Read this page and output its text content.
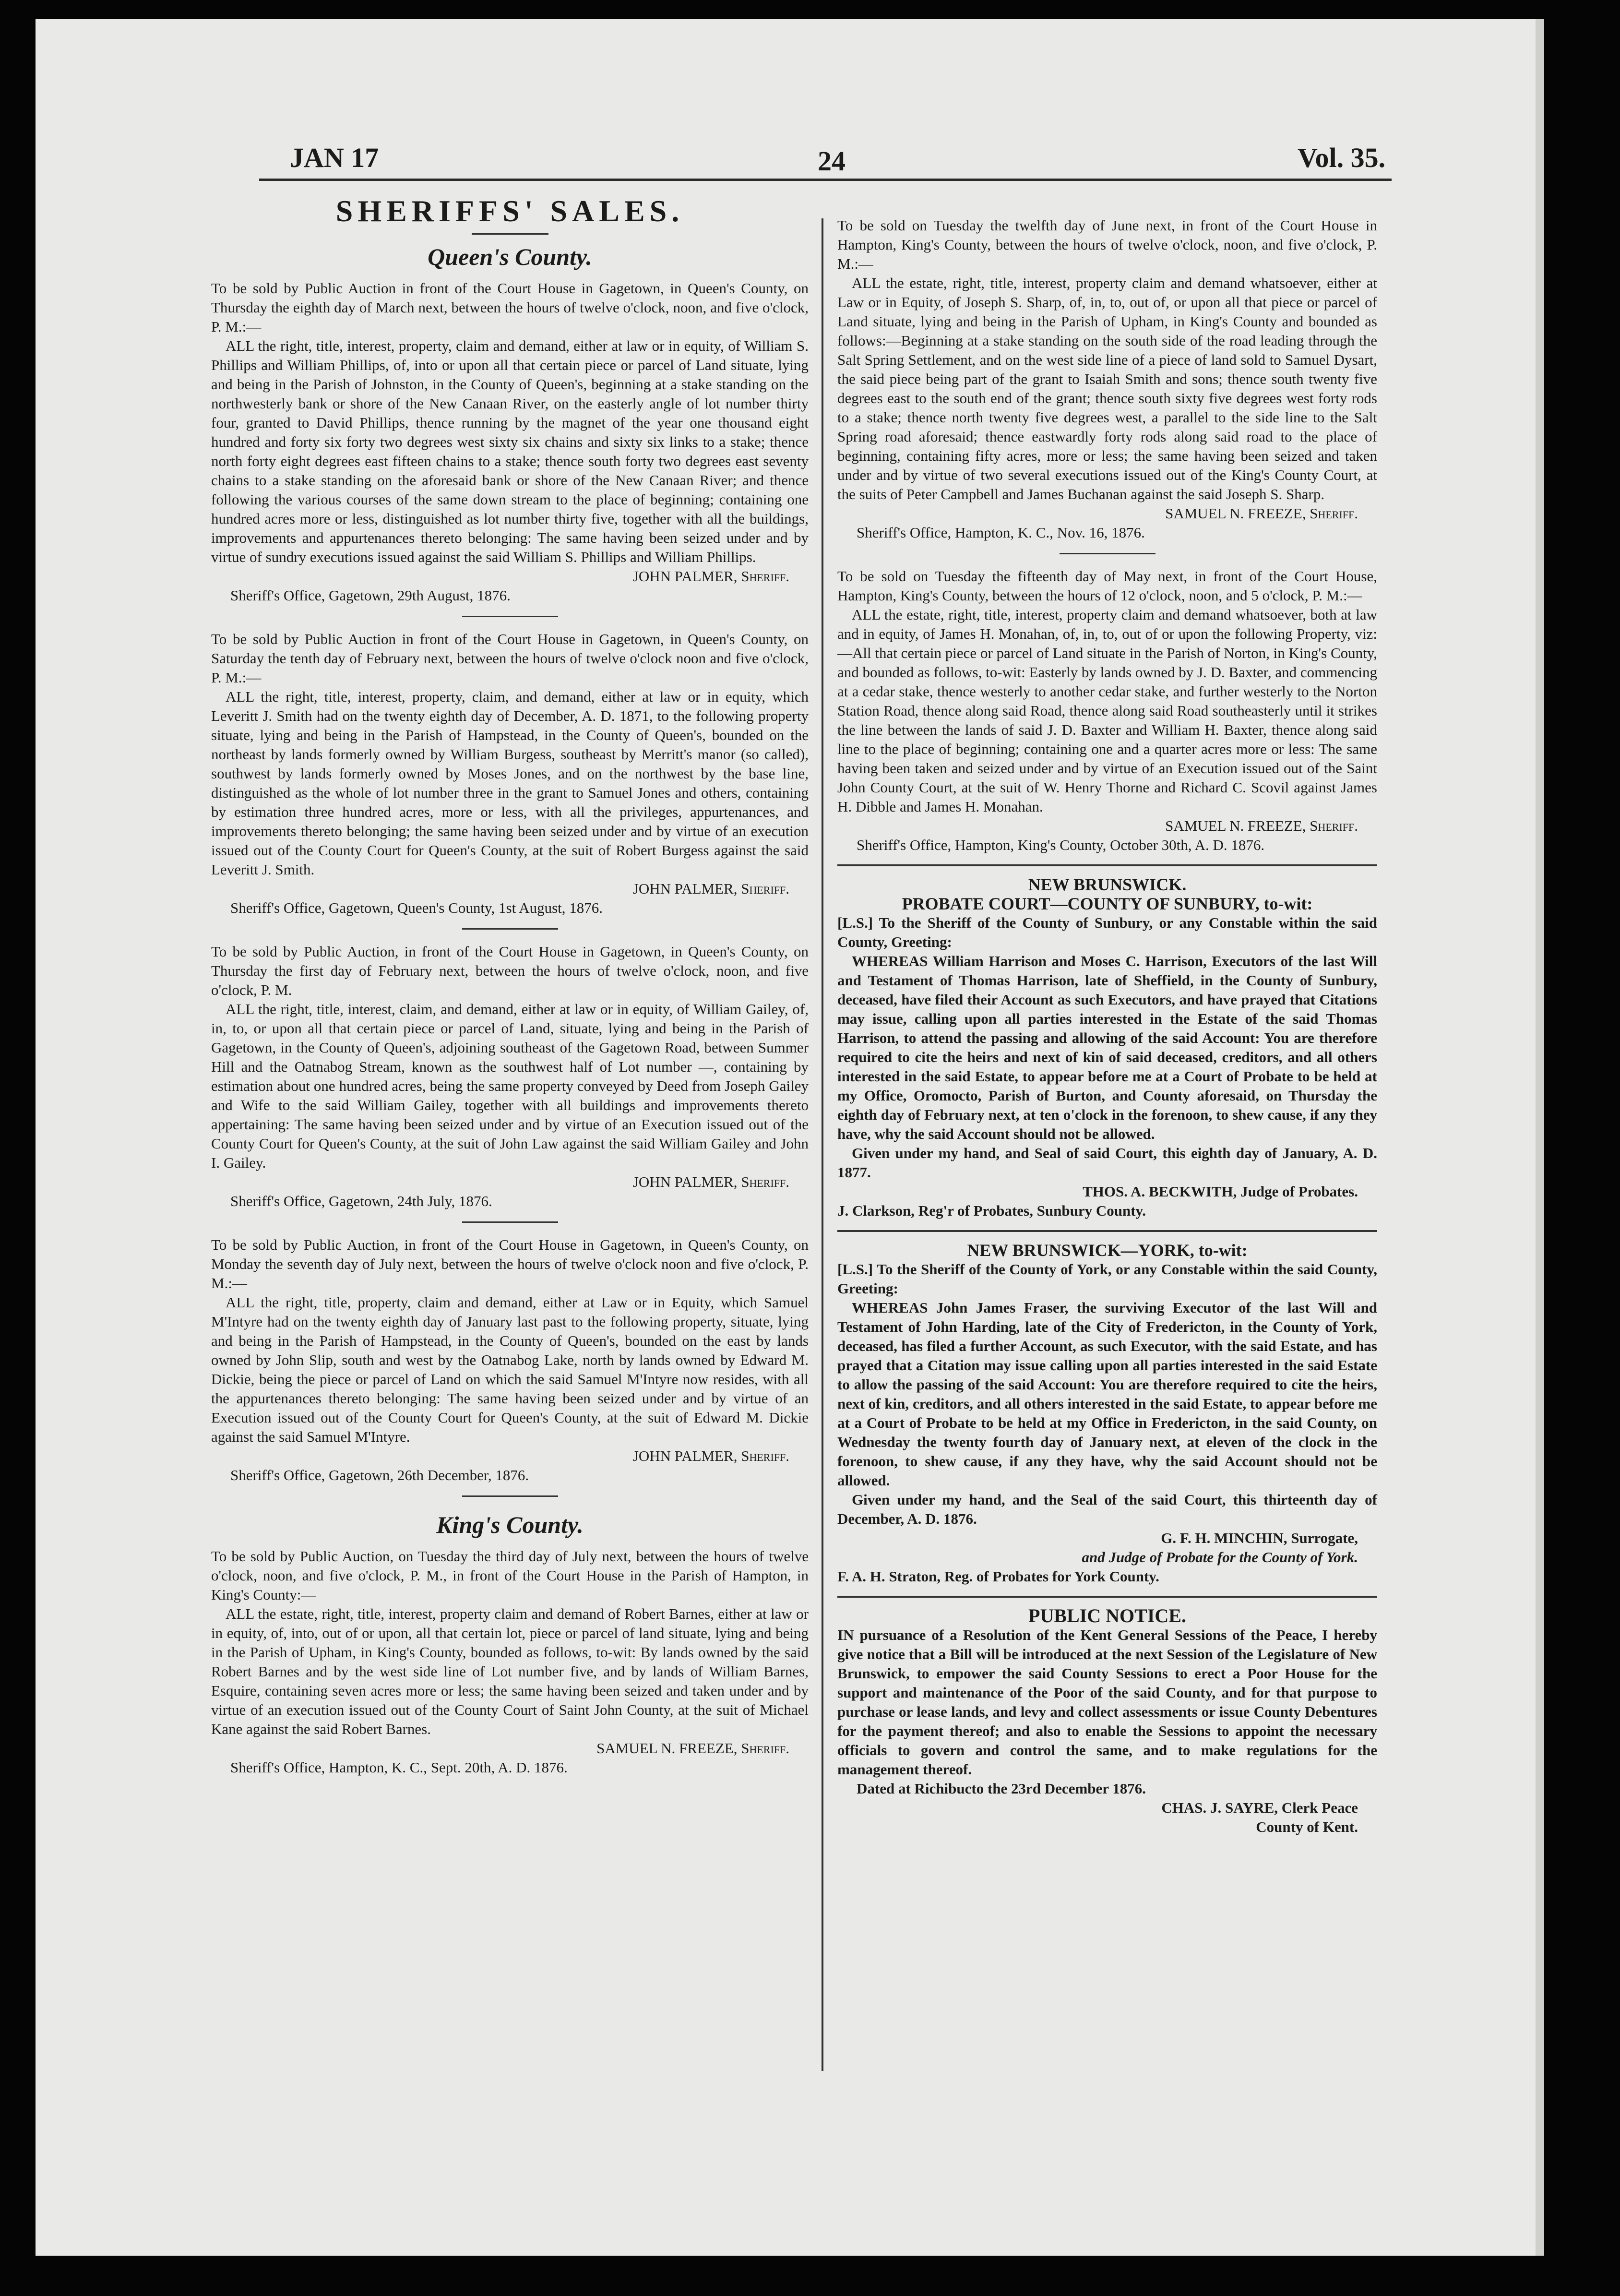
JAN 17	24	Vol. 35.
SHERIFFS' SALES.
Queen's County.

To be sold by Public Auction in front of the Court House in Gagetown, in Queen's County, on Thursday the eighth day of March next, between the hours of twelve o'clock, noon, and five o'clock, P. M.:—

ALL the right, title, interest, property, claim and demand, either at law or in equity, of William S. Phillips and William Phillips, of, into or upon all that certain piece or parcel of Land situate, lying and being in the Parish of Johnston, in the County of Queen's, beginning at a stake standing on the northwesterly bank or shore of the New Canaan River, on the easterly angle of lot number thirty four, granted to David Phillips, thence running by the magnet of the year one thousand eight hundred and forty six forty two degrees west sixty six chains and sixty six links to a stake; thence north forty eight degrees east fifteen chains to a stake; thence south forty two degrees east seventy chains to a stake standing on the aforesaid bank or shore of the New Canaan River; and thence following the various courses of the same down stream to the place of beginning; containing one hundred acres more or less, distinguished as lot number thirty five, together with all the buildings, improvements and appurtenances thereto belonging: The same having been seized under and by virtue of sundry executions issued against the said William S. Phillips and William Phillips.

JOHN PALMER, Sheriff.

Sheriff's Office, Gagetown, 29th August, 1876.

To be sold by Public Auction in front of the Court House in Gagetown, in Queen's County, on Saturday the tenth day of February next, between the hours of twelve o'clock noon and five o'clock, P. M.:—

ALL the right, title, interest, property, claim, and demand, either at law or in equity, which Leveritt J. Smith had on the twenty eighth day of December, A. D. 1871, to the following property situate, lying and being in the Parish of Hampstead, in the County of Queen's, bounded on the northeast by lands formerly owned by William Burgess, southeast by Merritt's manor (so called), southwest by lands formerly owned by Moses Jones, and on the northwest by the base line, distinguished as the whole of lot number three in the grant to Samuel Jones and others, containing by estimation three hundred acres, more or less, with all the privileges, appurtenances, and improvements thereto belonging; the same having been seized under and by virtue of an execution issued out of the County Court for Queen's County, at the suit of Robert Burgess against the said Leveritt J. Smith.

JOHN PALMER, Sheriff.

Sheriff's Office, Gagetown, Queen's County, 1st August, 1876.

To be sold by Public Auction, in front of the Court House in Gagetown, in Queen's County, on Thursday the first day of February next, between the hours of twelve o'clock, noon, and five o'clock, P. M.

ALL the right, title, interest, claim, and demand, either at law or in equity, of William Gailey, of, in, to, or upon all that certain piece or parcel of Land, situate, lying and being in the Parish of Gagetown, in the County of Queen's, adjoining southeast of the Gagetown Road, between Summer Hill and the Oatnabog Stream, known as the southwest half of Lot number —, containing by estimation about one hundred acres, being the same property conveyed by Deed from Joseph Gailey and Wife to the said William Gailey, together with all buildings and improvements thereto appertaining: The same having been seized under and by virtue of an Execution issued out of the County Court for Queen's County, at the suit of John Law against the said William Gailey and John I. Gailey.

JOHN PALMER, Sheriff.

Sheriff's Office, Gagetown, 24th July, 1876.

To be sold by Public Auction, in front of the Court House in Gagetown, in Queen's County, on Monday the seventh day of July next, between the hours of twelve o'clock noon and five o'clock, P. M.:—

ALL the right, title, property, claim and demand, either at Law or in Equity, which Samuel M'Intyre had on the twenty eighth day of January last past to the following property, situate, lying and being in the Parish of Hampstead, in the County of Queen's, bounded on the east by lands owned by John Slip, south and west by the Oatnabog Lake, north by lands owned by Edward M. Dickie, being the piece or parcel of Land on which the said Samuel M'Intyre now resides, with all the appurtenances thereto belonging: The same having been seized under and by virtue of an Execution issued out of the County Court for Queen's County, at the suit of Edward M. Dickie against the said Samuel M'Intyre.

JOHN PALMER, Sheriff.

Sheriff's Office, Gagetown, 26th December, 1876.

King's County.

To be sold by Public Auction, on Tuesday the third day of July next, between the hours of twelve o'clock, noon, and five o'clock, P. M., in front of the Court House in the Parish of Hampton, in King's County:—

ALL the estate, right, title, interest, property claim and demand of Robert Barnes, either at law or in equity, of, into, out of or upon, all that certain lot, piece or parcel of land situate, lying and being in the Parish of Upham, in King's County, bounded as follows, to-wit: By lands owned by the said Robert Barnes and by the west side line of Lot number five, and by lands of William Barnes, Esquire, containing seven acres more or less; the same having been seized and taken under and by virtue of an execution issued out of the County Court of Saint John County, at the suit of Michael Kane against the said Robert Barnes.

SAMUEL N. FREEZE, Sheriff.

Sheriff's Office, Hampton, K. C., Sept. 20th, A. D. 1876.

To be sold on Tuesday the twelfth day of June next, in front of the Court House in Hampton, King's County, between the hours of twelve o'clock, noon, and five o'clock, P. M.:—

ALL the estate, right, title, interest, property claim and demand whatsoever, either at Law or in Equity, of Joseph S. Sharp, of, in, to, out of, or upon all that piece or parcel of Land situate, lying and being in the Parish of Upham, in King's County and bounded as follows:—Beginning at a stake standing on the south side of the road leading through the Salt Spring Settlement, and on the west side line of a piece of land sold to Samuel Dysart, the said piece being part of the grant to Isaiah Smith and sons; thence south twenty five degrees east to the south end of the grant; thence south sixty five degrees west forty rods to a stake; thence north twenty five degrees west, a parallel to the side line to the Salt Spring road aforesaid; thence eastwardly forty rods along said road to the place of beginning, containing fifty acres, more or less; the same having been seized and taken under and by virtue of two several executions issued out of the King's County Court, at the suits of Peter Campbell and James Buchanan against the said Joseph S. Sharp.

SAMUEL N. FREEZE, Sheriff.

Sheriff's Office, Hampton, K. C., Nov. 16, 1876.

To be sold on Tuesday the fifteenth day of May next, in front of the Court House, Hampton, King's County, between the hours of 12 o'clock, noon, and 5 o'clock, P. M.:—

ALL the estate, right, title, interest, property claim and demand whatsoever, both at law and in equity, of James H. Monahan, of, in, to, out of or upon the following Property, viz:—All that certain piece or parcel of Land situate in the Parish of Norton, in King's County, and bounded as follows, to-wit: Easterly by lands owned by J. D. Baxter, and commencing at a cedar stake, thence westerly to another cedar stake, and further westerly to the Norton Station Road, thence along said Road, thence along said Road southeasterly until it strikes the line between the lands of said J. D. Baxter and William H. Baxter, thence along said line to the place of beginning; containing one and a quarter acres more or less: The same having been taken and seized under and by virtue of an Execution issued out of the Saint John County Court, at the suit of W. Henry Thorne and Richard C. Scovil against James H. Dibble and James H. Monahan.

SAMUEL N. FREEZE, Sheriff.

Sheriff's Office, Hampton, King's County, October 30th, A. D. 1876.

NEW BRUNSWICK.

PROBATE COURT—COUNTY OF SUNBURY, to-wit:

[L.S.] To the Sheriff of the County of Sunbury, or any Constable within the said County, Greeting:

WHEREAS William Harrison and Moses C. Harrison, Executors of the last Will and Testament of Thomas Harrison, late of Sheffield, in the County of Sunbury, deceased, have filed their Account as such Executors, and have prayed that Citations may issue, calling upon all parties interested in the Estate of the said Thomas Harrison, to attend the passing and allowing of the said Account: You are therefore required to cite the heirs and next of kin of said deceased, creditors, and all others interested in the said Estate, to appear before me at a Court of Probate to be held at my Office, Oromocto, Parish of Burton, and County aforesaid, on Thursday the eighth day of February next, at ten o'clock in the forenoon, to shew cause, if any they have, why the said Account should not be allowed.

Given under my hand, and Seal of said Court, this eighth day of January, A. D. 1877.

THOS. A. BECKWITH, Judge of Probates.

J. Clarkson, Reg'r of Probates, Sunbury County.

NEW BRUNSWICK—YORK, to-wit:

[L.S.] To the Sheriff of the County of York, or any Constable within the said County, Greeting:

WHEREAS John James Fraser, the surviving Executor of the last Will and Testament of John Harding, late of the City of Fredericton, in the County of York, deceased, has filed a further Account, as such Executor, with the said Estate, and has prayed that a Citation may issue calling upon all parties interested in the said Estate to allow the passing of the said Account: You are therefore required to cite the heirs, next of kin, creditors, and all others interested in the said Estate, to appear before me at a Court of Probate to be held at my Office in Fredericton, in the said County, on Wednesday the twenty fourth day of January next, at eleven of the clock in the forenoon, to shew cause, if any they have, why the said Account should not be allowed.

Given under my hand, and the Seal of the said Court, this thirteenth day of December, A. D. 1876.

G. F. H. MINCHIN, Surrogate,

and Judge of Probate for the County of York.

F. A. H. Straton, Reg. of Probates for York County.

PUBLIC NOTICE.

IN pursuance of a Resolution of the Kent General Sessions of the Peace, I hereby give notice that a Bill will be introduced at the next Session of the Legislature of New Brunswick, to empower the said County Sessions to erect a Poor House for the support and maintenance of the Poor of the said County, and for that purpose to purchase or lease lands, and levy and collect assessments or issue County Debentures for the payment thereof; and also to enable the Sessions to appoint the necessary officials to govern and control the same, and to make regulations for the management thereof.

Dated at Richibucto the 23rd December 1876.

CHAS. J. SAYRE, Clerk Peace

County of Kent.
